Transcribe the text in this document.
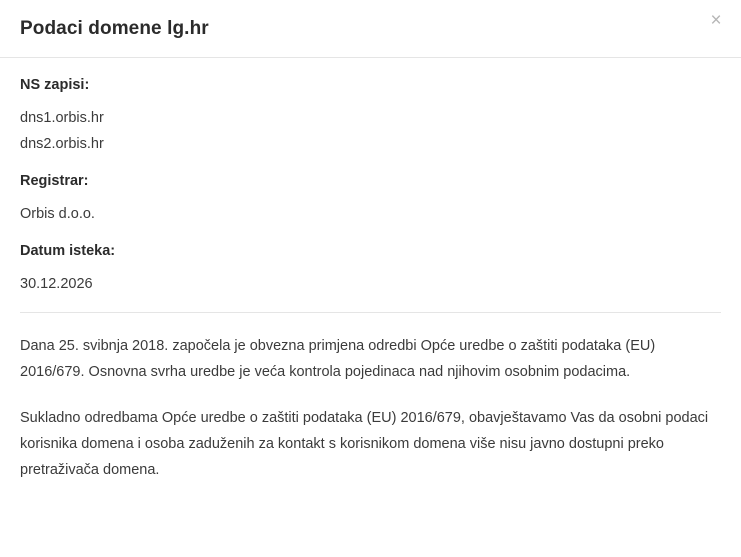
Podaci domene lg.hr	×
NS zapisi:
dns1.orbis.hr
dns2.orbis.hr
Registrar:
Orbis d.o.o.
Datum isteka:
30.12.2026

Dana 25. svibnja 2018. započela je obvezna primjena odredbi Opće uredbe o zaštiti podataka (EU) 2016/679. Osnovna svrha uredbe je veća kontrola pojedinaca nad njihovim osobnim podacima.

Sukladno odredbama Opće uredbe o zaštiti podataka (EU) 2016/679, obavještavamo Vas da osobni podaci korisnika domena i osoba zaduženih za kontakt s korisnikom domena više nisu javno dostupni preko pretraživača domena.
